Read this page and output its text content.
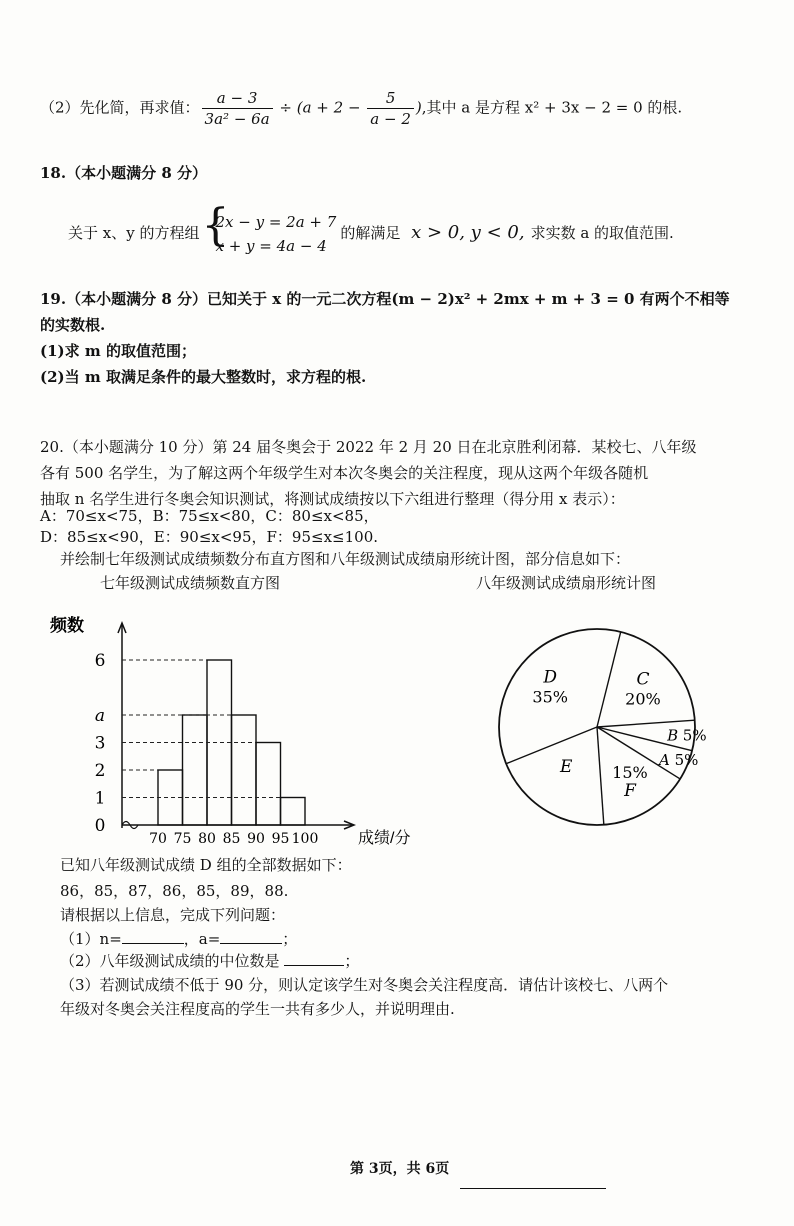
（2）先化简，再求值： $\frac{a - 3}{\text{3a² − 6a}} \div (a + 2 - \frac{5}{a - 2}$ ),其中 a 是方程 x² + 3x − 2 = 0 的根.
18.（本小题满分 8 分）
关于 x、y 的方程组 {
2x − y = 2a + 7
x + y = 4a − 4
的解满足 x > 0, y < 0, 求实数 a 的取值范围.
19.（本小题满分 8 分）已知关于 x 的一元二次方程(m − 2)x² + 2mx + m + 3 = 0 有两个不相等
的实数根.
(1)求 m 的取值范围；
(2)当 m 取满足条件的最大整数时，求方程的根.
20.（本小题满分 10 分）第 24 届冬奥会于 2022 年 2 月 20 日在北京胜利闭幕．某校七、八年级
各有 500 名学生，为了解这两个年级学生对本次冬奥会的关注程度，现从这两个年级各随机
抽取 n 名学生进行冬奥会知识测试，将测试成绩按以下六组进行整理（得分用 x 表示）：
A：70≤x<75，B：75≤x<80，C：80≤x<85，
D：85≤x<90，E：90≤x<95，F：95≤x≤100.
并绘制七年级测试成绩频数分布直方图和八年级测试成绩扇形统计图，部分信息如下：
七年级测试成绩频数直方图	八年级测试成绩扇形统计图
频数
成绩/分
0
1
2
3
a
6
70 75 80 85 90 95 100
C
20%
B 5%
A 5%
F
15%
E
D
35%
已知八年级测试成绩 D 组的全部数据如下：
86，85，87，86，85，89，88.
请根据以上信息，完成下列问题：
（1）n=	，a=	；
（2）八年级测试成绩的中位数是	；
（3）若测试成绩不低于 90 分，则认定该学生对冬奥会关注程度高．请估计该校七、八两个
年级对冬奥会关注程度高的学生一共有多少人，并说明理由.
第 3页，共 6页
